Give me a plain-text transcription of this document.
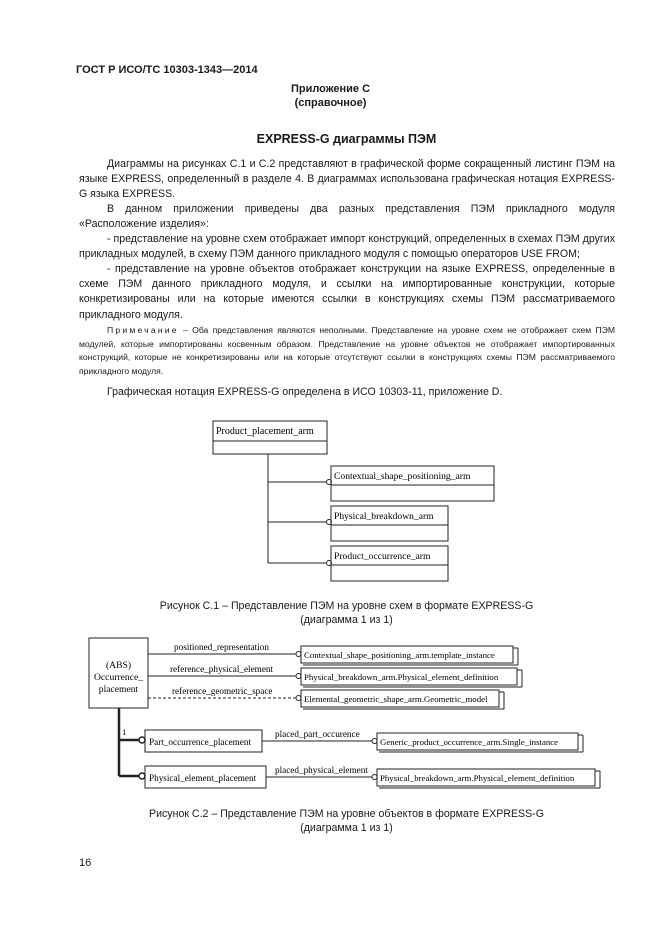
ГОСТ Р ИСО/ТС 10303-1343—2014
Приложение С
(справочное)
EXPRESS-G диаграммы ПЭМ
Диаграммы на рисунках С.1 и С.2 представляют в графической форме сокращенный листинг ПЭМ на языке EXPRESS, определенный в разделе 4. В диаграммах использована графическая нотация EXPRESS-G языка EXPRESS.
В данном приложении приведены два разных представления ПЭМ прикладного модуля «Расположение изделия»:
- представление на уровне схем отображает импорт конструкций, определенных в схемах ПЭМ других прикладных модулей, в схему ПЭМ данного прикладного модуля с помощью операторов USE FROM;
- представление на уровне объектов отображает конструкции на языке EXPRESS, определенные в схеме ПЭМ данного прикладного модуля, и ссылки на импортированные конструкции, которые конкретизированы или на которые имеются ссылки в конструкциях схемы ПЭМ рассматриваемого прикладного модуля.
Примечание – Оба представления являются неполными. Представление на уровне схем не отображает схем ПЭМ модулей, которые импортированы косвенным образом. Представление на уровне объектов не отображает импортированных конструкций, которые не конкретизированы или на которые отсутствуют ссылки в конструкциях схемы ПЭМ рассматриваемого прикладного модуля.
Графическая нотация EXPRESS-G определена в ИСО 10303-11, приложение D.
Product_placement_arm
Contextual_shape_positioning_arm
Physical_breakdown_arm
Product_occurrence_arm
Рисунок С.1 – Представление ПЭМ на уровне схем в формате EXPRESS-G
(диаграмма 1 из 1)
(ABS)
Occurrence_
placement
positioned_representation
reference_physical_element
reference_geometric_space
Contextual_shape_positioning_arm.template_instance
Physical_breakdown_arm.Physical_element_definition
Elemental_geometric_shape_arm.Geometric_model
1
Part_occurrence_placement
Physical_element_placement
placed_part_occurence
placed_physical_element
Generic_product_occurrence_arm.Single_instance
Physical_breakdown_arm.Physical_element_definition
Рисунок С.2 – Представление ПЭМ на уровне объектов в формате EXPRESS-G
(диаграмма 1 из 1)
16
